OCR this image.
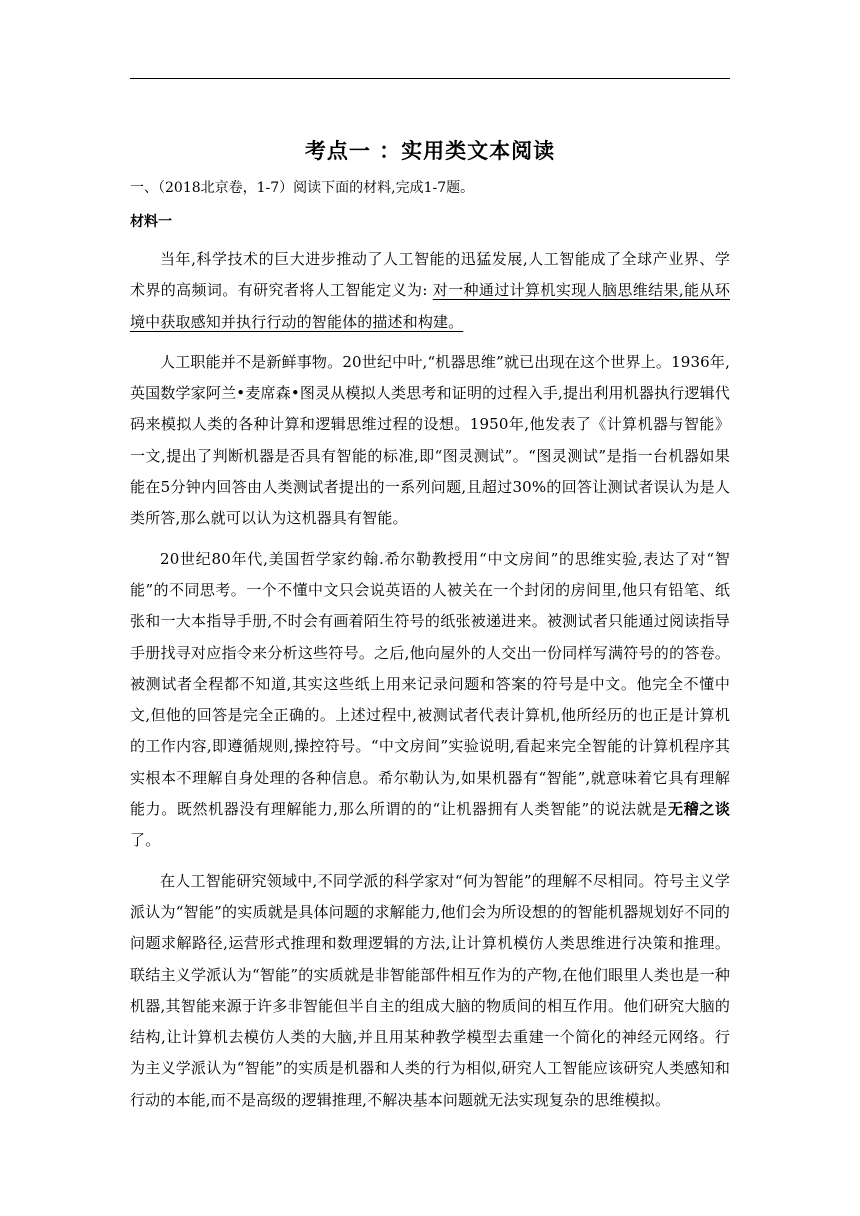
考点一 ：实用类文本阅读

一、（2018北京卷，1-7）阅读下面的材料,完成1-7题。

材料一

当年,科学技术的巨大进步推动了人工智能的迅猛发展,人工智能成了全球产业界、学术界的高频词。有研究者将人工智能定义为: 对一种通过计算机实现人脑思维结果,能从环境中获取感知并执行行动的智能体的描述和构建。

人工职能并不是新鲜事物。20世纪中叶,“机器思维”就已出现在这个世界上。1936年,英国数学家阿兰•麦席森•图灵从模拟人类思考和证明的过程入手,提出利用机器执行逻辑代码来模拟人类的各种计算和逻辑思维过程的设想。1950年,他发表了《计算机器与智能》一文,提出了判断机器是否具有智能的标准,即“图灵测试”。“图灵测试”是指一台机器如果能在5分钟内回答由人类测试者提出的一系列问题,且超过30%的回答让测试者误认为是人类所答,那么就可以认为这机器具有智能。

20世纪80年代,美国哲学家约翰.希尔勒教授用“中文房间”的思维实验,表达了对“智能”的不同思考。一个不懂中文只会说英语的人被关在一个封闭的房间里,他只有铅笔、纸张和一大本指导手册,不时会有画着陌生符号的纸张被递进来。被测试者只能通过阅读指导手册找寻对应指令来分析这些符号。之后,他向屋外的人交出一份同样写满符号的的答卷。被测试者全程都不知道,其实这些纸上用来记录问题和答案的符号是中文。他完全不懂中文,但他的回答是完全正确的。上述过程中,被测试者代表计算机,他所经历的也正是计算机的工作内容,即遵循规则,操控符号。“中文房间”实验说明,看起来完全智能的计算机程序其实根本不理解自身处理的各种信息。希尔勒认为,如果机器有“智能”,就意味着它具有理解能力。既然机器没有理解能力,那么所谓的的“让机器拥有人类智能”的说法就是无稽之谈了。

在人工智能研究领域中,不同学派的科学家对“何为智能”的理解不尽相同。符号主义学派认为“智能”的实质就是具体问题的求解能力,他们会为所设想的的智能机器规划好不同的问题求解路径,运营形式推理和数理逻辑的方法,让计算机模仿人类思维进行决策和推理。联结主义学派认为“智能”的实质就是非智能部件相互作为的产物,在他们眼里人类也是一种机器,其智能来源于许多非智能但半自主的组成大脑的物质间的相互作用。他们研究大脑的结构,让计算机去模仿人类的大脑,并且用某种教学模型去重建一个简化的神经元网络。行为主义学派认为“智能”的实质是机器和人类的行为相似,研究人工智能应该研究人类感知和行动的本能,而不是高级的逻辑推理,不解决基本问题就无法实现复杂的思维模拟。
